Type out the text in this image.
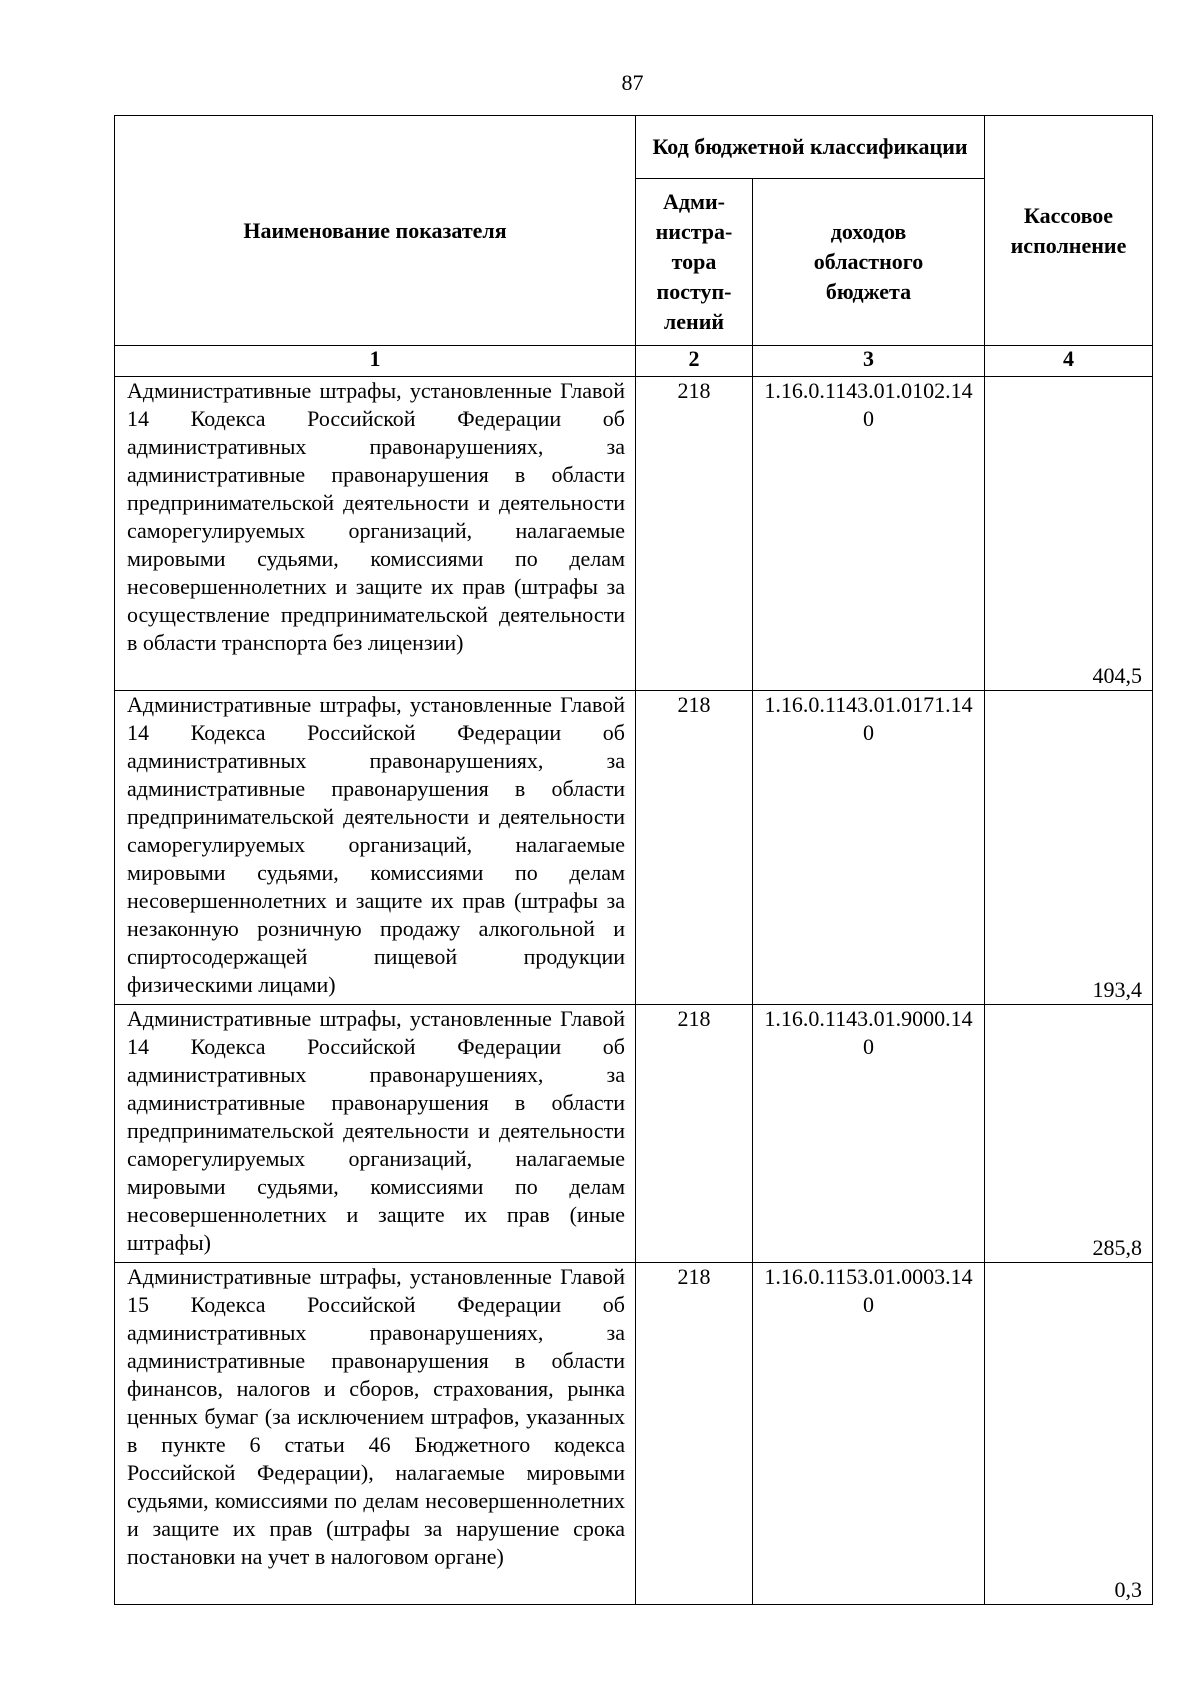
87
Наименование показателя	Код бюджетной классификации		Кассовое исполнение
	Адми-нистра-тора поступ-лений	доходов областного бюджета	
1	2	3	4
Административные штрафы, установленные Главой 14 Кодекса Российской Федерации об административных правонарушениях, за административные правонарушения в области предпринимательской деятельности и деятельности саморегулируемых организаций, налагаемые мировыми судьями, комиссиями по делам несовершеннолетних и защите их прав (штрафы за осуществление предпринимательской деятельности в области транспорта без лицензии)	218	1.16.0.1143.01.0102.140	404,5
Административные штрафы, установленные Главой 14 Кодекса Российской Федерации об административных правонарушениях, за административные правонарушения в области предпринимательской деятельности и деятельности саморегулируемых организаций, налагаемые мировыми судьями, комиссиями по делам несовершеннолетних и защите их прав (штрафы за незаконную розничную продажу алкогольной и спиртосодержащей пищевой продукции физическими лицами)	218	1.16.0.1143.01.0171.140	193,4
Административные штрафы, установленные Главой 14 Кодекса Российской Федерации об административных правонарушениях, за административные правонарушения в области предпринимательской деятельности и деятельности саморегулируемых организаций, налагаемые мировыми судьями, комиссиями по делам несовершеннолетних и защите их прав (иные штрафы)	218	1.16.0.1143.01.9000.140	285,8
Административные штрафы, установленные Главой 15 Кодекса Российской Федерации об административных правонарушениях, за административные правонарушения в области финансов, налогов и сборов, страхования, рынка ценных бумаг (за исключением штрафов, указанных в пункте 6 статьи 46 Бюджетного кодекса Российской Федерации), налагаемые мировыми судьями, комиссиями по делам несовершеннолетних и защите их прав (штрафы за нарушение срока постановки на учет в налоговом органе)	218	1.16.0.1153.01.0003.140	0,3
